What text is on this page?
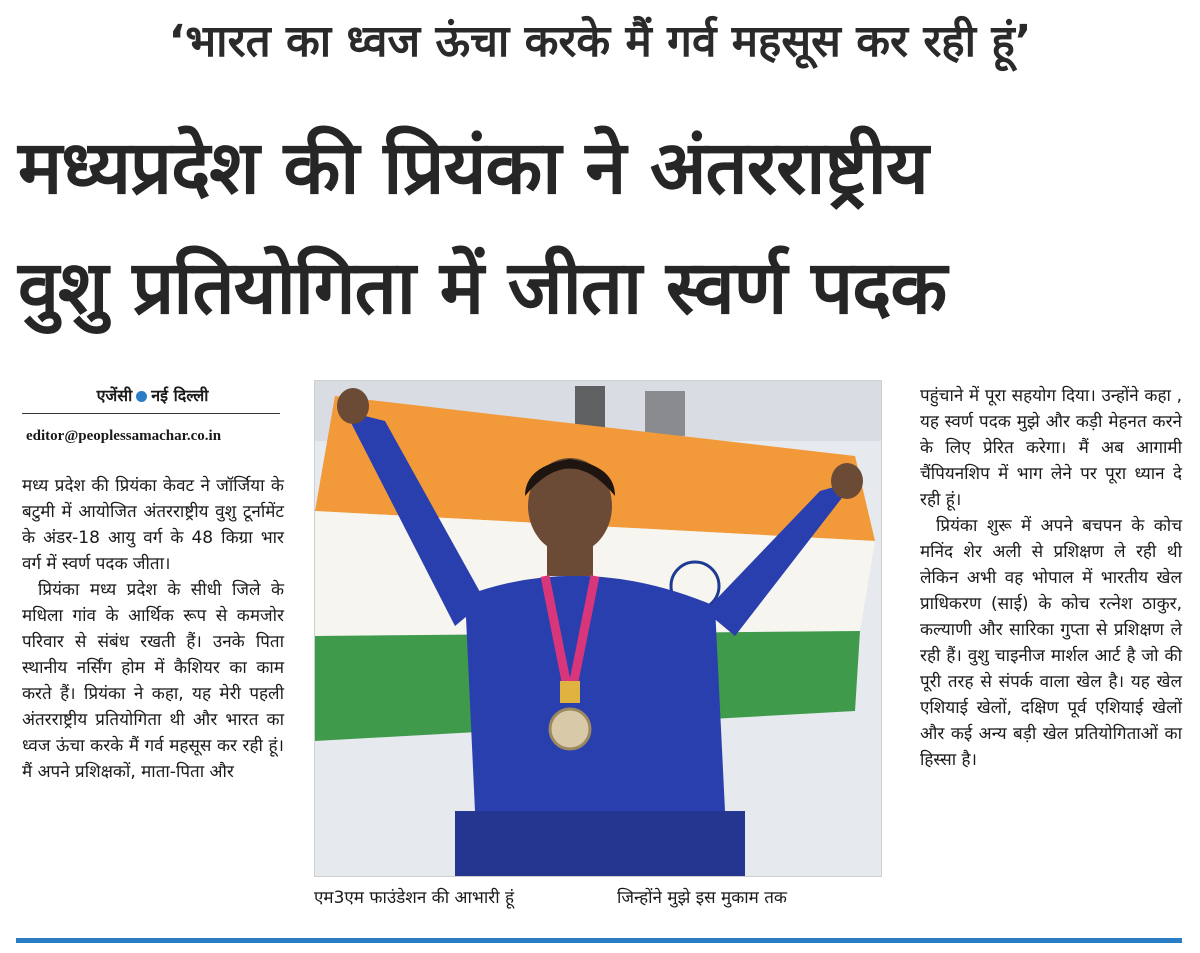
‘भारत का ध्वज ऊंचा करके मैं गर्व महसूस कर रही हूं’
मध्यप्रदेश की प्रियंका ने अंतरराष्ट्रीय
वुशु प्रतियोगिता में जीता स्वर्ण पदक
एजेंसी नई दिल्ली
editor@peoplessamachar.co.in

मध्य प्रदेश की प्रियंका केवट ने जॉर्जिया के बटुमी में आयोजित अंतरराष्ट्रीय वुशु टूर्नामेंट के अंडर-18 आयु वर्ग के 48 किग्रा भार वर्ग में स्वर्ण पदक जीता।

प्रियंका मध्य प्रदेश के सीधी जिले के मधिला गांव के आर्थिक रूप से कमजोर परिवार से संबंध रखती हैं। उनके पिता स्थानीय नर्सिंग होम में कैशियर का काम करते हैं। प्रियंका ने कहा, यह मेरी पहली अंतरराष्ट्रीय प्रतियोगिता थी और भारत का ध्वज ऊंचा करके मैं गर्व महसूस कर रही हूं। मैं अपने प्रशिक्षकों, माता-पिता और

एम3एम फाउंडेशन की आभारी हूं	जिन्होंने मुझे इस मुकाम तक

पहुंचाने में पूरा सहयोग दिया। उन्होंने कहा , यह स्वर्ण पदक मुझे और कड़ी मेहनत करने के लिए प्रेरित करेगा। मैं अब आगामी चैंपियनशिप में भाग लेने पर पूरा ध्यान दे रही हूं।

प्रियंका शुरू में अपने बचपन के कोच मनिंद शेर अली से प्रशिक्षण ले रही थी लेकिन अभी वह भोपाल में भारतीय खेल प्राधिकरण (साई) के कोच रत्नेश ठाकुर, कल्याणी और सारिका गुप्ता से प्रशिक्षण ले रही हैं। वुशु चाइनीज मार्शल आर्ट है जो की पूरी तरह से संपर्क वाला खेल है। यह खेल एशियाई खेलों, दक्षिण पूर्व एशियाई खेलों और कई अन्य बड़ी खेल प्रतियोगिताओं का हिस्सा है।
